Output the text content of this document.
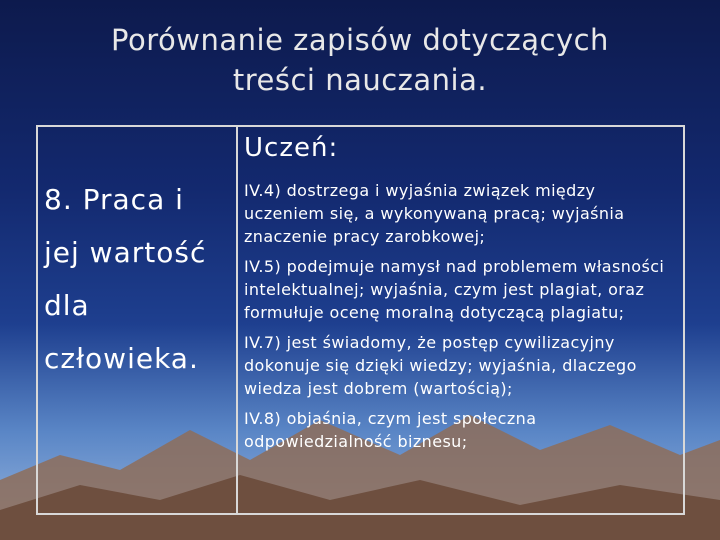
Porównanie zapisów dotyczących
treści nauczania.
8. Praca i
jej wartość
dla
człowieka.
Uczeń:
IV.4) dostrzega i wyjaśnia związek między uczeniem się, a wykonywaną pracą; wyjaśnia znaczenie pracy zarobkowej;
IV.5) podejmuje namysł nad problemem własności intelektualnej; wyjaśnia, czym jest plagiat, oraz formułuje ocenę moralną dotyczącą plagiatu;
IV.7) jest świadomy, że postęp cywilizacyjny dokonuje się dzięki wiedzy; wyjaśnia, dlaczego wiedza jest dobrem (wartością);
IV.8) objaśnia, czym jest społeczna odpowiedzialność biznesu;
